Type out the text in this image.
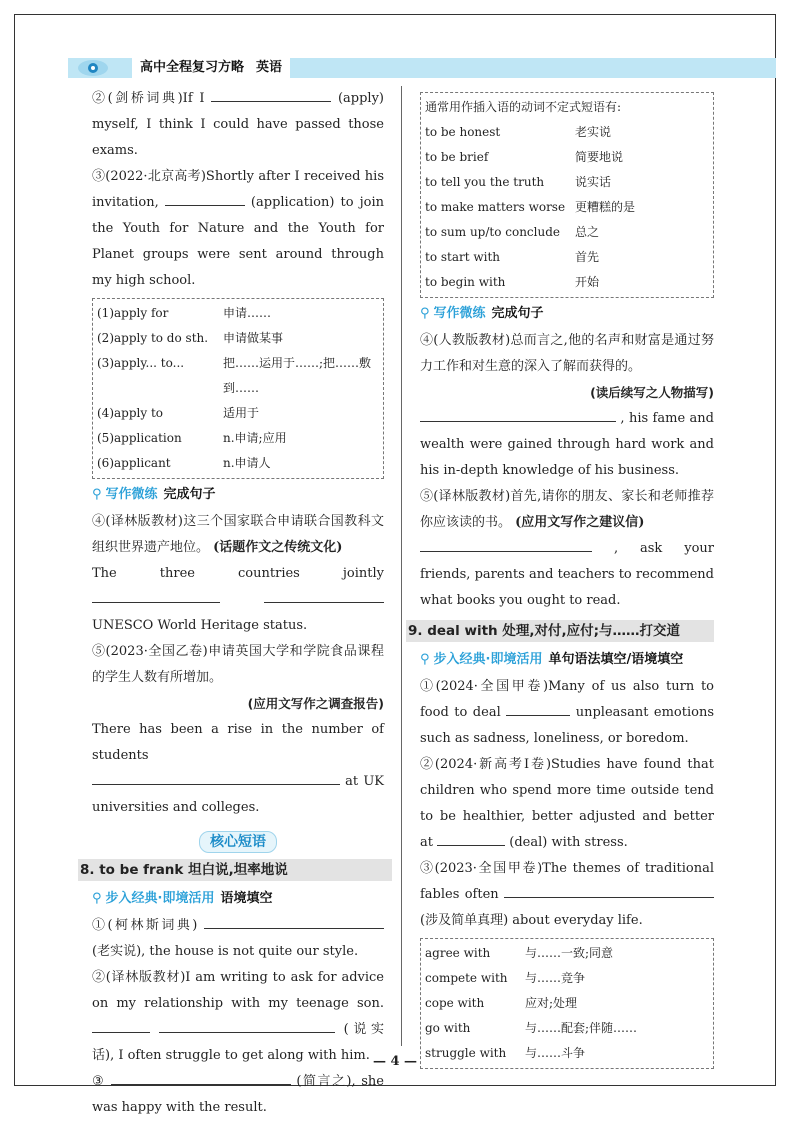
高中全程复习方略 英语

②(剑桥词典)If I	(apply) myself, I think I could have passed those exams.

③(2022·北京高考)Shortly after I received his invitation,	(application) to join the Youth for Nature and the Youth for Planet groups were sent around through my high school.

(1)apply for	申请……
(2)apply to do sth.	申请做某事
(3)apply... to...	把……运用于……;把……敷到……
(4)apply to	适用于
(5)application	n.申请;应用
(6)applicant	n.申请人
⚲ 写作微练 完成句子

④(译林版教材)这三个国家联合申请联合国教科文组织世界遗产地位。 (话题作文之传统文化)

The three countries jointly   UNESCO World Heritage status.

⑤(2023·全国乙卷)申请英国大学和学院食品课程的学生人数有所增加。

(应用文写作之调查报告)

There has been a rise in the number of students  at UK universities and colleges.

核心短语
8. to be frank 坦白说,坦率地说
⚲ 步入经典·即境活用 语境填空

①(柯林斯词典)  (老实说), the house is not quite our style.

②(译林版教材)I am writing to ask for advice on my relationship with my teenage son.   (说实话), I often struggle to get along with him.

③	(简言之), she was happy with the result.

通常用作插入语的动词不定式短语有:
to be honest	老实说
to be brief	简要地说
to tell you the truth	说实话
to make matters worse 更糟糕的是
to sum up/to conclude	总之
to start with	首先
to begin with	开始
⚲ 写作微练 完成句子

④(人教版教材)总而言之,他的名声和财富是通过努力工作和对生意的深入了解而获得的。

(读后续写之人物描写)

, his fame and wealth were gained through hard work and his in-depth knowledge of his business.

⑤(译林版教材)首先,请你的朋友、家长和老师推荐你应该读的书。 (应用文写作之建议信)

, ask your friends, parents and teachers to recommend what books you ought to read.

9. deal with 处理,对付,应付;与……打交道
⚲ 步入经典·即境活用 单句语法填空/语境填空

①(2024·全国甲卷)Many of us also turn to food to deal	unpleasant emotions such as sadness, loneliness, or boredom.

②(2024·新高考Ⅰ卷)Studies have found that children who spend more time outside tend to be healthier, better adjusted and better at	(deal) with stress.

③(2023·全国甲卷)The themes of traditional fables often  (涉及简单真理) about everyday life.

agree with	与……一致;同意
compete with	与……竞争
cope with	应对;处理
go with	与……配套;伴随……
struggle with	与……斗争
— 4 —
